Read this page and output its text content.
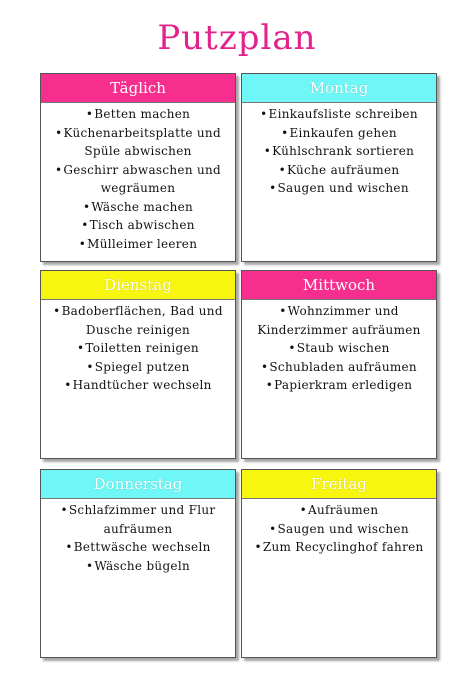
Putzplan
Täglich
• Betten machen
• Küchenarbeitsplatte und Spüle abwischen
• Geschirr abwaschen und wegräumen
• Wäsche machen
• Tisch abwischen
• Mülleimer leeren
Montag
• Einkaufsliste schreiben
• Einkaufen gehen
• Kühlschrank sortieren
• Küche aufräumen
• Saugen und wischen
Dienstag
• Badoberflächen, Bad und Dusche reinigen
• Toiletten reinigen
• Spiegel putzen
• Handtücher wechseln
Mittwoch
• Wohnzimmer und Kinderzimmer aufräumen
• Staub wischen
• Schubladen aufräumen
• Papierkram erledigen
Donnerstag
• Schlafzimmer und Flur aufräumen
• Bettwäsche wechseln
• Wäsche bügeln
Freitag
• Aufräumen
• Saugen und wischen
• Zum Recyclinghof fahren
